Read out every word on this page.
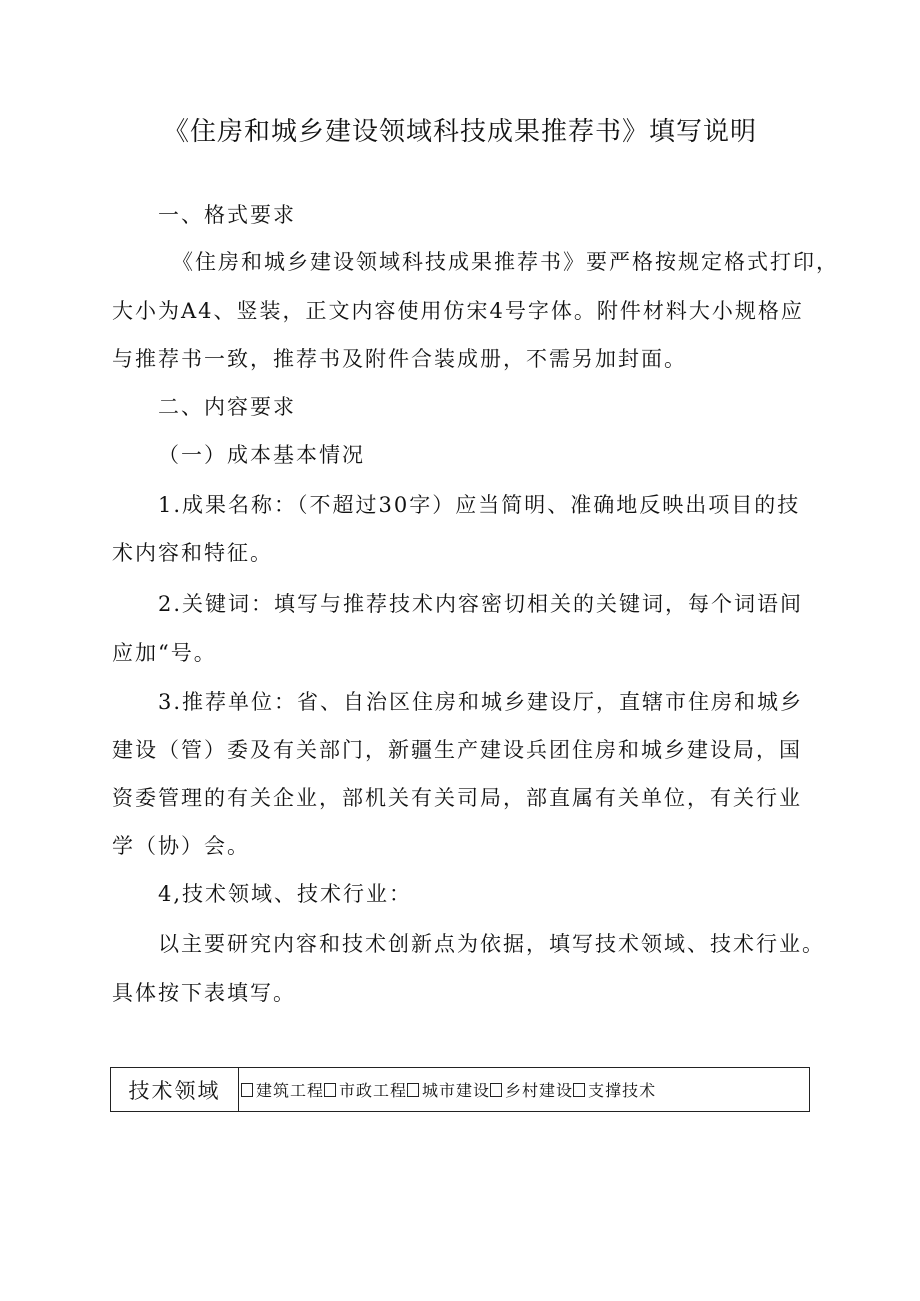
《住房和城乡建设领域科技成果推荐书》填写说明
一、格式要求
《住房和城乡建设领域科技成果推荐书》要严格按规定格式打印，
大小为A4、竖装，正文内容使用仿宋4号字体。附件材料大小规格应
与推荐书一致，推荐书及附件合装成册，不需另加封面。
二、内容要求
（一）成本基本情况
1.成果名称：（不超过30字）应当简明、准确地反映出项目的技
术内容和特征。
2.关键词：填写与推荐技术内容密切相关的关键词，每个词语间
应加“号。
3.推荐单位：省、自治区住房和城乡建设厅，直辖市住房和城乡
建设（管）委及有关部门，新疆生产建设兵团住房和城乡建设局，国
资委管理的有关企业，部机关有关司局，部直属有关单位，有关行业
学（协）会。
4,技术领域、技术行业：
以主要研究内容和技术创新点为依据，填写技术领域、技术行业。
具体按下表填写。
技术领域	建筑工程 市政工程 城市建设 乡村建设 支撑技术
